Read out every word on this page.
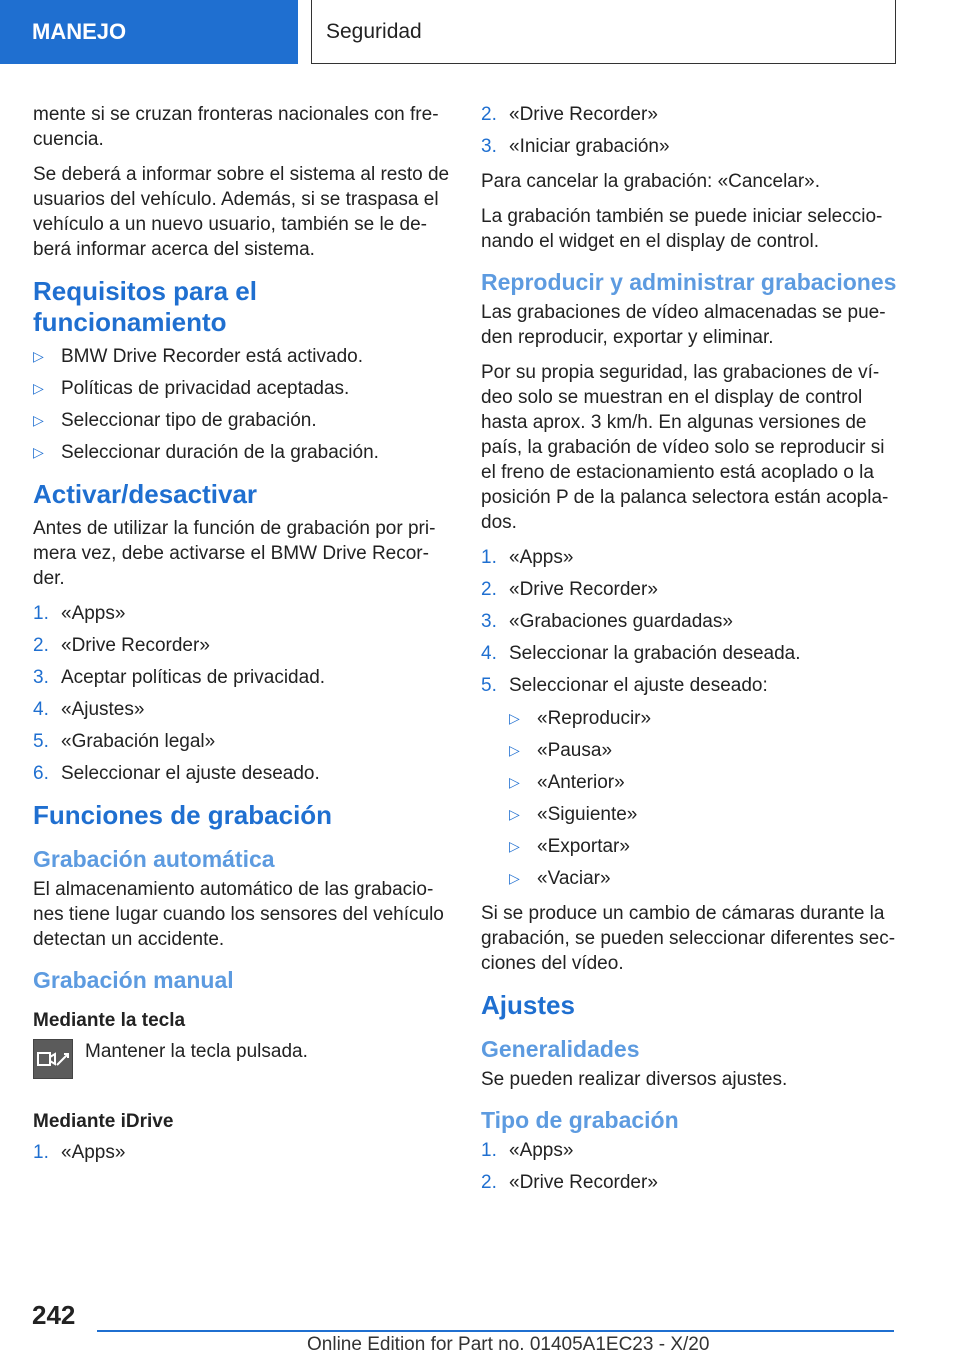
MANEJO	Seguridad

mente si se cruzan fronteras nacionales con fre-cuencia.

Se deberá a informar sobre el sistema al resto de usuarios del vehículo. Además, si se traspasa el vehículo a un nuevo usuario, también se le de-berá informar acerca del sistema.

Requisitos para el funcionamiento
▷ BMW Drive Recorder está activado.
▷ Políticas de privacidad aceptadas.
▷ Seleccionar tipo de grabación.
▷ Seleccionar duración de la grabación.
Activar/desactivar

Antes de utilizar la función de grabación por pri-mera vez, debe activarse el BMW Drive Recor-der.

1. «Apps»
2. «Drive Recorder»
3. Aceptar políticas de privacidad.
4. «Ajustes»
5. «Grabación legal»
6. Seleccionar el ajuste deseado.
Funciones de grabación
Grabación automática

El almacenamiento automático de las grabacio-nes tiene lugar cuando los sensores del vehículo detectan un accidente.

Grabación manual
Mediante la tecla
Mantener la tecla pulsada.
Mediante iDrive
1. «Apps»
2. «Drive Recorder»
3. «Iniciar grabación»

Para cancelar la grabación: «Cancelar».

La grabación también se puede iniciar seleccio-nando el widget en el display de control.

Reproducir y administrar grabaciones

Las grabaciones de vídeo almacenadas se pue-den reproducir, exportar y eliminar.

Por su propia seguridad, las grabaciones de ví-deo solo se muestran en el display de control hasta aprox. 3 km/h. En algunas versiones de país, la grabación de vídeo solo se reproducir si el freno de estacionamiento está acoplado o la posición P de la palanca selectora están acopla-dos.

1. «Apps»
2. «Drive Recorder»
3. «Grabaciones guardadas»
4. Seleccionar la grabación deseada.
5. Seleccionar el ajuste deseado:
▷ «Reproducir»
▷ «Pausa»
▷ «Anterior»
▷ «Siguiente»
▷ «Exportar»
▷ «Vaciar»

Si se produce un cambio de cámaras durante la grabación, se pueden seleccionar diferentes sec-ciones del vídeo.

Ajustes
Generalidades

Se pueden realizar diversos ajustes.

Tipo de grabación
1. «Apps»
2. «Drive Recorder»
242
Online Edition for Part no. 01405A1EC23 - X/20
